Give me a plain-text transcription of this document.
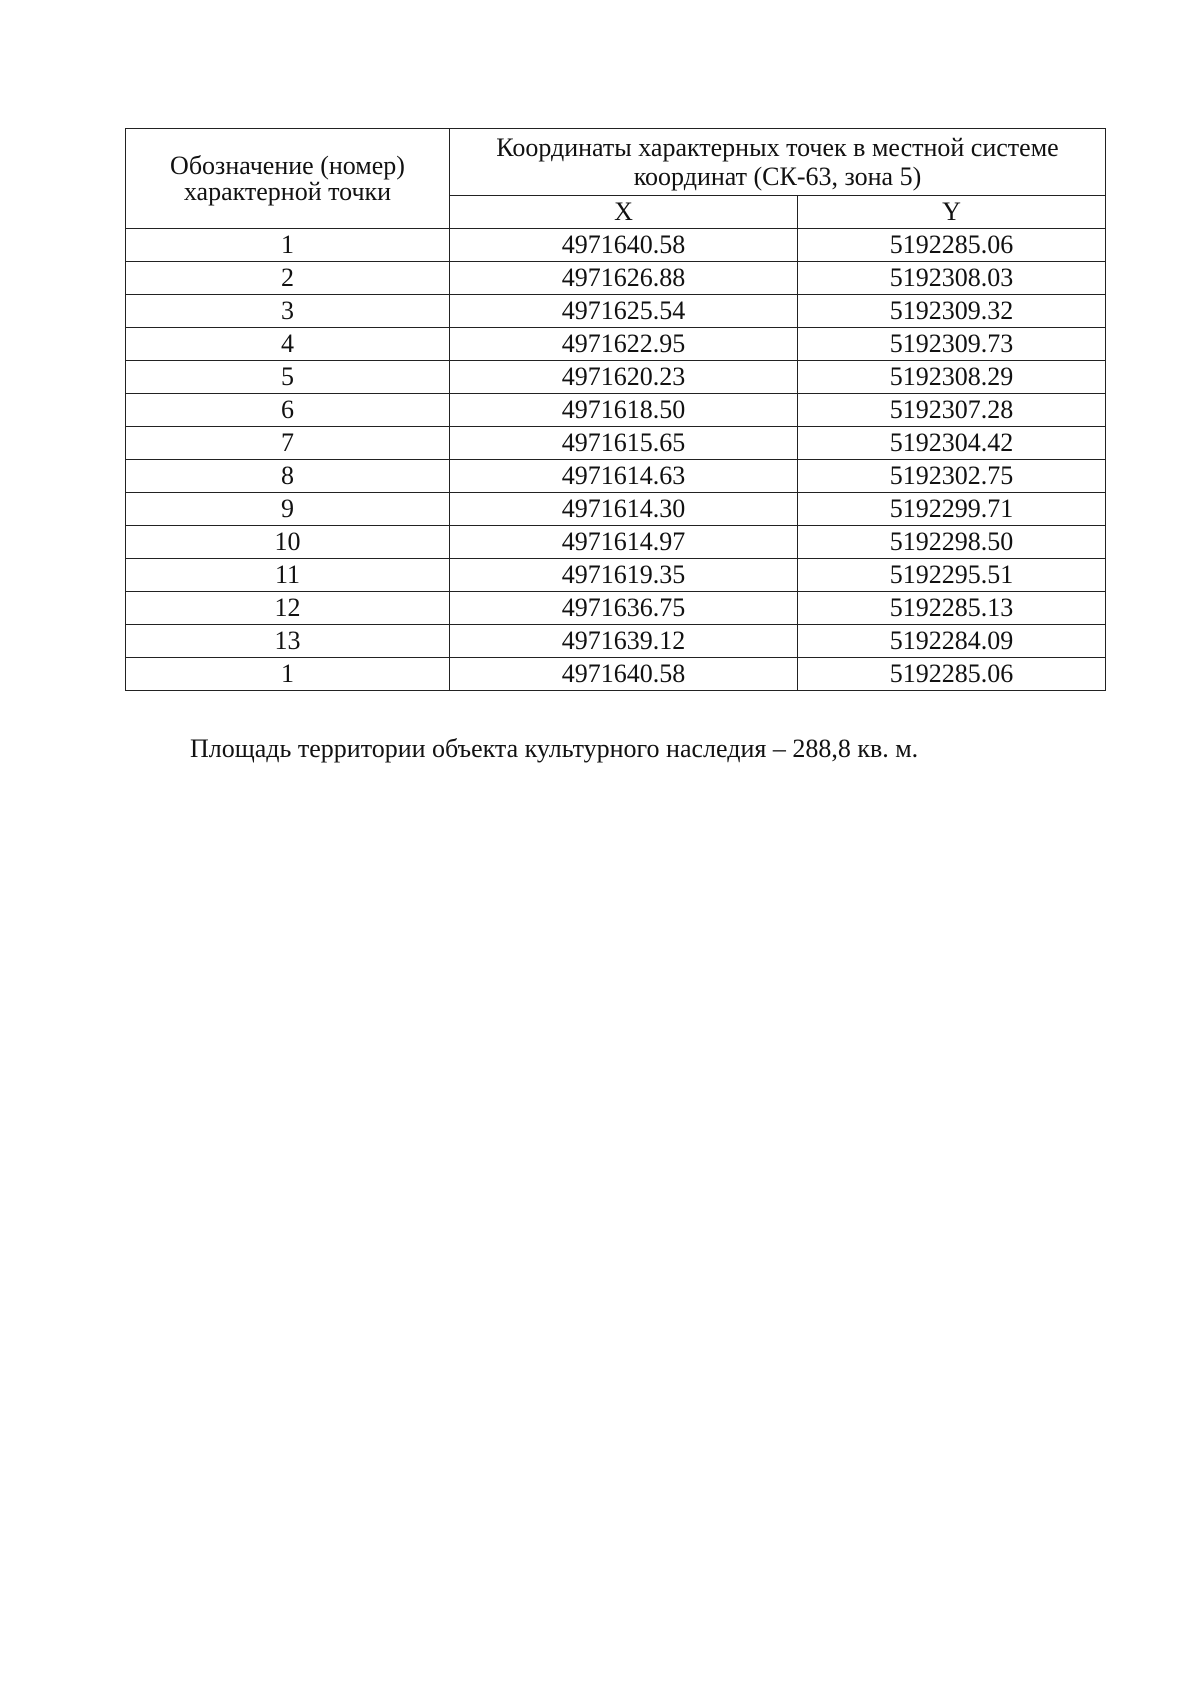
Обозначение (номер) характерной точки	Координаты характерных точек в местной системе координат (СК-63, зона 5)	
	X	Y
1	4971640.58	5192285.06
2	4971626.88	5192308.03
3	4971625.54	5192309.32
4	4971622.95	5192309.73
5	4971620.23	5192308.29
6	4971618.50	5192307.28
7	4971615.65	5192304.42
8	4971614.63	5192302.75
9	4971614.30	5192299.71
10	4971614.97	5192298.50
11	4971619.35	5192295.51
12	4971636.75	5192285.13
13	4971639.12	5192284.09
1	4971640.58	5192285.06

Площадь территории объекта культурного наследия – 288,8 кв. м.
